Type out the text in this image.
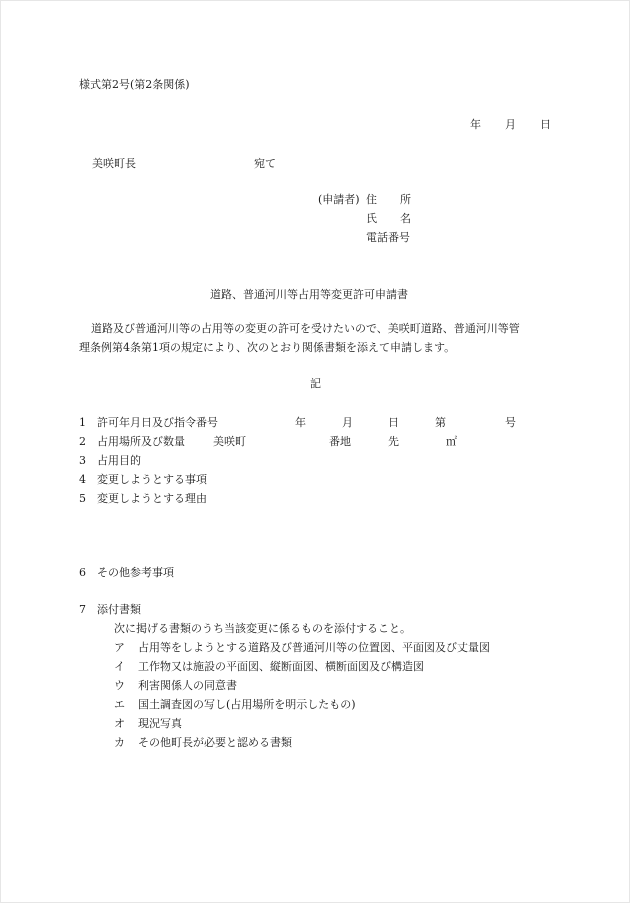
様式第2号(第2条関係)
年 月 日
美咲町長	宛て
(申請者) 住 所
氏 名
電話番号
道路、普通河川等占用等変更許可申請書
道路及び普通河川等の占用等の変更の許可を受けたいので、美咲町道路、普通河川等管
理条例第4条第1項の規定により、次のとおり関係書類を添えて申請します。
記
1 許可年月日及び指令番号	年	月	日	第	号
2 占用場所及び数量	美咲町	番地	先	㎡
3 占用目的
4 変更しようとする事項
5 変更しようとする理由
6 その他参考事項
7 添付書類
次に掲げる書類のうち当該変更に係るものを添付すること。
ア 占用等をしようとする道路及び普通河川等の位置図、平面図及び丈量図
イ 工作物又は施設の平面図、縦断面図、横断面図及び構造図
ウ 利害関係人の同意書
エ 国土調査図の写し(占用場所を明示したもの)
オ 現況写真
カ その他町長が必要と認める書類
